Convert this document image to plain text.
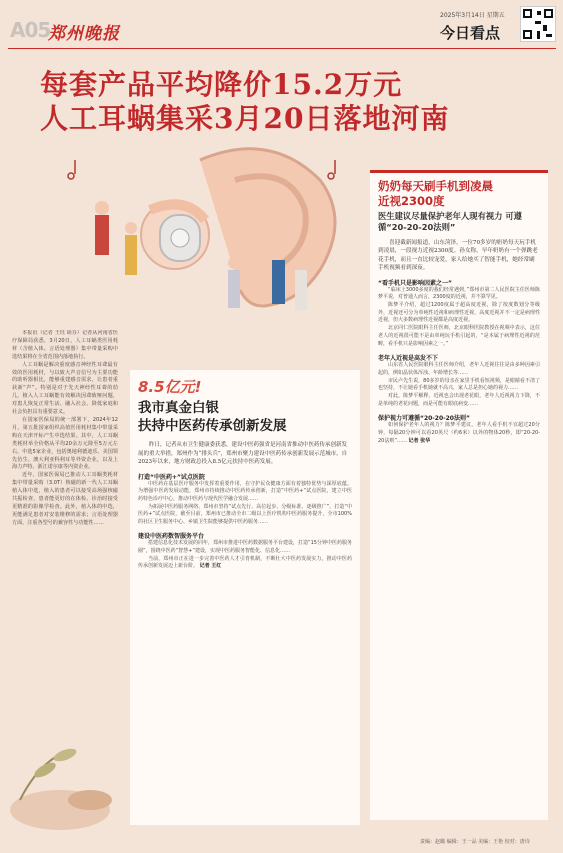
A05
郑州晚报
2025年3月14日 星期五
今日看点
每套产品平均降价15.2万元
人工耳蜗集采3月20日落地河南

本报讯（记者 王钰 胡芬）记者从河南省医疗保障局获悉，3月20日，人工耳蜗类医用耗材（含植入体、言语处理器）集中带量采购中选结果将在全省范围内落地执行。

人工耳蜗是解决重度感音神经性耳聋最有效的医用耗材，与以致大声音信号为主要功能的助听器相比，能够重建感音需求，让患者重获新“声”。特别是对于先天神经性耳聋的幼儿，植入人工耳蜗能有效解决因聋致哑问题，对患儿恢复正常生活、融入社会、降低家庭和社会负担具有重要意义。

在国家医保局的统一部署下，2024年12月，第五批国家组织高值医用耗材集中带量采购在天津开标产生中选结果。其中，人工耳蜗类耗材举全价格从平均20余万元降至5万元左右，中选5家企业，包括奥地利德迪乐、美国领先仿生、澳大利亚科利耳等外资企业，以及上海力声特、浙江诺尔康等内资企业。

近年，国家医保局已推动人工耳蜗类耗材集中带量采购（3.0T）核磁的新一代人工耳蜗植入体中选，植入的患者可以接受高场强核磁共振检查，患者能更好的在体检、诊治时接受更精准的影像学检查。此外，植入体的中选，更能满足患者对安装维修的需求；言语处理器方面，注重各型号的兼容性与功能性……

8.5亿元!
我市真金白银
扶持中医药传承创新发展

昨日，记者从市卫生健康委获悉，建设中医药强省是河南省推动中医药传承创新发展的重大举措，郑州作为“排头兵”，郑州市聚力建设中医药传承创新发展示范城市，自2023年以来，地方财政总投入8.5亿元扶持中医药发展。

打造“中医药+”试点医院

中医药在基层医疗服务中发挥着重要作用，在守护民众健康方面有着独特优势与深厚底蕴。为增强中医药发展动能，郑州市持续推动中医药传承创新，打造“中医药+”试点医院，建立中医药特色诊疗中心，推动中医药与现代医学融合发展……

为拓展中医药服务网络，郑州市坚持“试点先行、高位起步、分级标准、逐级推广”，打造“中医药+”试点医院，截至目前，郑州市已推动全市二级以上医疗机构中医药服务提升，全市100%的社区卫生服务中心、乡镇卫生院能够提供中医药服务……

建设中医药数智服务平台

搭建信息化技术发展的同年，郑州市推进中医药数据服务平台建设，打造“15分钟中医药服务圈”，围绕中医药“智慧+”建设，实现中医药服务智能化、信息化……

当前，郑州市正在进一步完善中医药人才引育机制，不断壮大中医药发展实力，推动中医药传承创新发展迈上新台阶。 记者 王红

奶奶每天刷手机到凌晨
近视2300度
医生建议尽量保护老年人现有视力 可遵循“20-20-20法则”

喜迎截新闻报道，山东菏泽，一位70多岁的奶奶每天玩手机到凌晨，一段视力近视2300度。孙女称，早年奶奶有一个弹跳老花手机，而且一直比较宠爱，家人给她买了智能手机，她经常刷手机视频看到深夜。

“看手机只是影响因素之一”

“临床上3000多度的我们经常遇到，”郑州市第二人民医院主任医师陈梦平说，对普通人而言，2300度的近视，并不算罕见。

陈梦平介绍，超过1200度属于超高度近视，除了按度数划分等级外，近视还可分为单纯性近视和病理性近视，高度近视并不一定是病理性近视，但大多数病理性近视都是高度近视。

北京同仁医院眼科主任医师，北京眼科医院教授在视频中表示，这位老人的近视很可能不是由单纯玩手机引起的，“是本属于病理性近视的范畴，看手机只是影响因素之一。”

老年人近视是高发不下

山东省人民医院眼科主任医师介绍，老年人近视往往是由多种因素引起的，例如晶状体浑浊、年龄增长等……

市民卢先生说，80多岁的母亲在家里手机看短视频，是眼睛看不清了也坚持，不让她看手机她就不高兴，家人总是担心她的视力……

对此，陈梦平解释，近视也会出现老花眼，老年人近视视力下降，不是单纯的老花问题，而是可能有眼底病变……

保护视力可遵循“20-20-20法则”

如何保护老年人的视力？陈梦平建议，老年人看手机不宜超过20分钟，每隔20分钟可以看20英尺（约6米）以外的物体20秒，即“20-20-20法则”…… 记者 张华

责编：赵璐 编辑：王一品 美编：王艳 校对：唐诗
